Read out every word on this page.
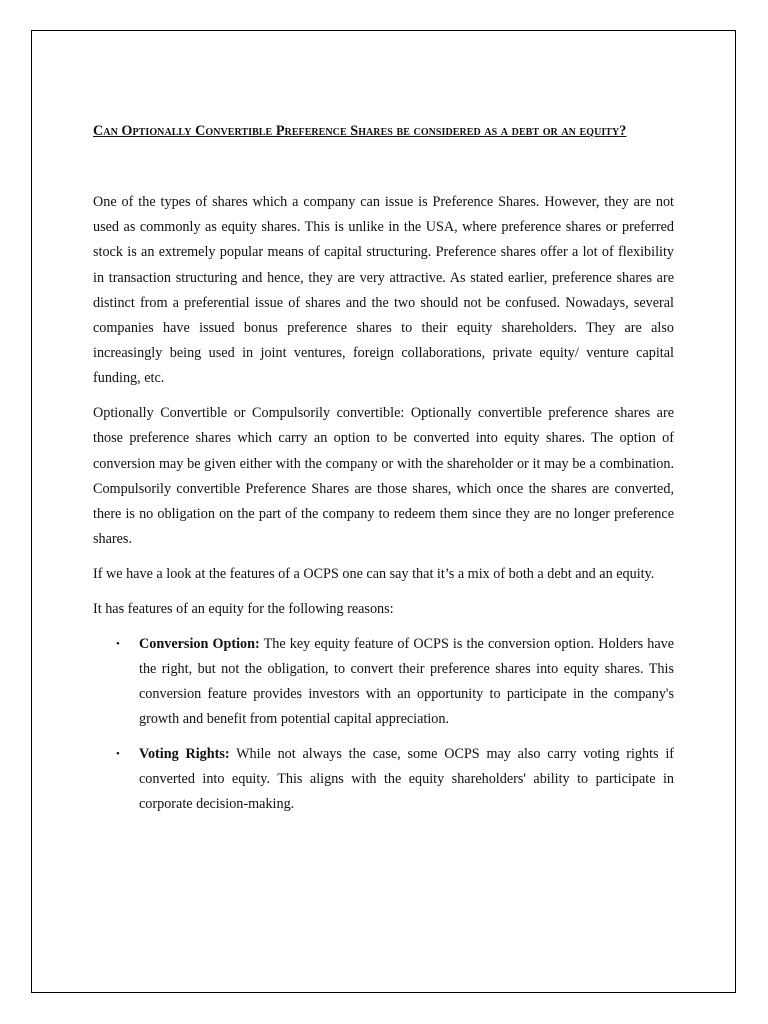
Can Optionally Convertible Preference Shares be considered as a debt or an equity?

One of the types of shares which a company can issue is Preference Shares. However, they are not used as commonly as equity shares. This is unlike in the USA, where preference shares or preferred stock is an extremely popular means of capital structuring. Preference shares offer a lot of flexibility in transaction structuring and hence, they are very attractive. As stated earlier, preference shares are distinct from a preferential issue of shares and the two should not be confused. Nowadays, several companies have issued bonus preference shares to their equity shareholders. They are also increasingly being used in joint ventures, foreign collaborations, private equity/ venture capital funding, etc.

Optionally Convertible or Compulsorily convertible: Optionally convertible preference shares are those preference shares which carry an option to be converted into equity shares. The option of conversion may be given either with the company or with the shareholder or it may be a combination. Compulsorily convertible Preference Shares are those shares, which once the shares are converted, there is no obligation on the part of the company to redeem them since they are no longer preference shares.

If we have a look at the features of a OCPS one can say that it’s a mix of both a debt and an equity.

It has features of an equity for the following reasons:

• Conversion Option: The key equity feature of OCPS is the conversion option. Holders have the right, but not the obligation, to convert their preference shares into equity shares. This conversion feature provides investors with an opportunity to participate in the company's growth and benefit from potential capital appreciation.
• Voting Rights: While not always the case, some OCPS may also carry voting rights if converted into equity. This aligns with the equity shareholders' ability to participate in corporate decision-making.
